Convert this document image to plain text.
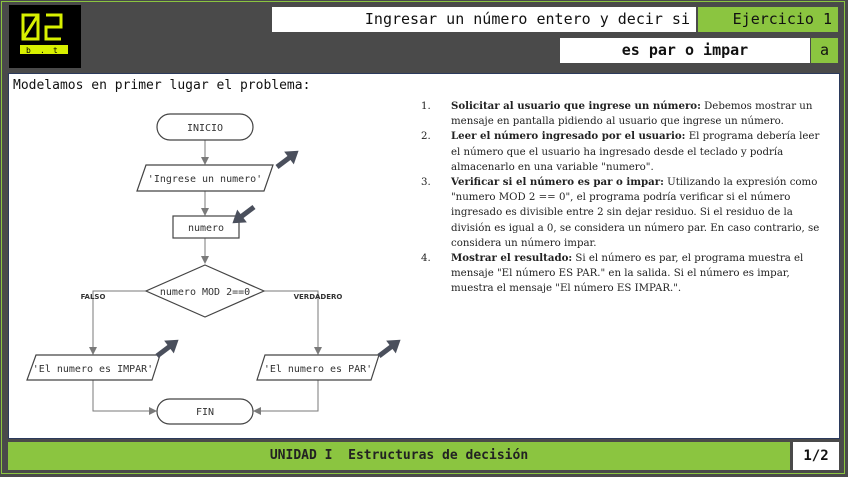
b . t
Ingresar un número entero y decir si	Ejercicio 1
es par o impar	a
Modelamos en primer lugar el problema:
INICIO
'Ingrese un numero'
numero
numero MOD 2==0
'El numero es IMPAR'	'El numero es PAR'
FIN
FALSO	VERDADERO
1. Solicitar al usuario que ingrese un número: Debemos mostrar un mensaje en pantalla pidiendo al usuario que ingrese un número.
2. Leer el número ingresado por el usuario: El programa debería leer el número que el usuario ha ingresado desde el teclado y podría almacenarlo en una variable "numero".
3. Verificar si el número es par o impar: Utilizando la expresión como "numero MOD 2 == 0", el programa podría verificar si el número ingresado es divisible entre 2 sin dejar residuo. Si el residuo de la división es igual a 0, se considera un número par. En caso contrario, se considera un número impar.
4. Mostrar el resultado: Si el número es par, el programa muestra el mensaje "El número ES PAR." en la salida. Si el número es impar, muestra el mensaje "El número ES IMPAR.".
UNIDAD I  Estructuras de decisión	1/2
